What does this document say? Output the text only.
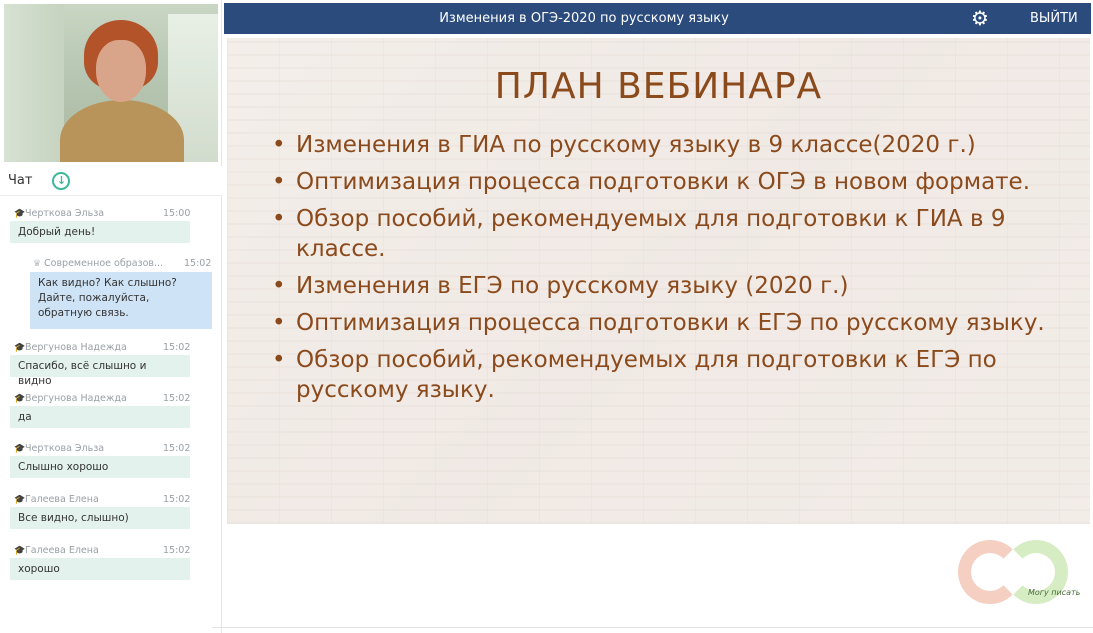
Чат	↓
🎓Черткова Эльза	15:00
Добрый день!
♛ Современное образов... 15:02
Как видно? Как слышно? Дайте, пожалуйста, обратную связь.
🎓Вергунова Надежда	15:02
Спасибо, всё слышно и видно
🎓Вергунова Надежда	15:02
да
🎓Черткова Эльза	15:02
Слышно хорошо
🎓Галеева Елена	15:02
Все видно, слышно)
🎓Галеева Елена	15:02
хорошо
Изменения в ОГЭ-2020 по русскому языку	⚙	ВЫЙТИ
ПЛАН ВЕБИНАРА
• Изменения в ГИА по русскому языку в 9 классе(2020 г.)
• Оптимизация процесса подготовки к ОГЭ в новом формате.
• Обзор пособий, рекомендуемых для подготовки к ГИА в 9 классе.
• Изменения в ЕГЭ по русскому языку (2020 г.)
• Оптимизация процесса подготовки к ЕГЭ по русскому языку.
• Обзор пособий, рекомендуемых для подготовки к ЕГЭ по русскому языку.
Могу писать
